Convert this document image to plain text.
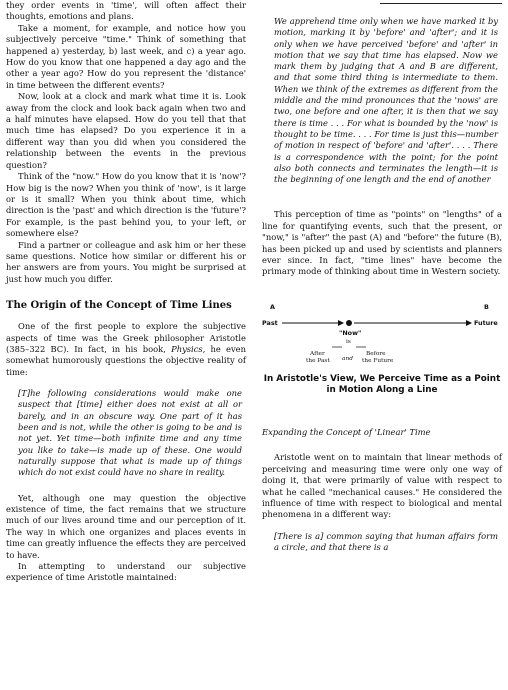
they order events in 'time', will often affect their thoughts, emotions and plans.

Take a moment, for example, and notice how you subjectively perceive "time." Think of something that happened a) yesterday, b) last week, and c) a year ago. How do you know that one happened a day ago and the other a year ago? How do you represent the 'distance' in time between the different events?

Now, look at a clock and mark what time it is. Look away from the clock and look back again when two and a half minutes have elapsed. How do you tell that that much time has elapsed? Do you experience it in a different way than you did when you considered the relationship between the events in the previous question?

Think of the "now." How do you know that it is 'now'? How big is the now? When you think of 'now', is it large or is it small? When you think about time, which direction is the 'past' and which direction is the 'future'? For example, is the past behind you, to your left, or somewhere else?

Find a partner or colleague and ask him or her these same questions. Notice how similar or different his or her answers are from yours. You might be surprised at just how much you differ.

The Origin of the Concept of Time Lines

One of the first people to explore the subjective aspects of time was the Greek philosopher Aristotle (385–322 BC). In fact, in his book, Physics, he even somewhat humorously questions the objective reality of time:

[T]he following considerations would make one suspect that [time] either does not exist at all or barely, and in an obscure way. One part of it has been and is not, while the other is going to be and is not yet. Yet time—both infinite time and any time you like to take—is made up of these. One would naturally suppose that what is made up of things which do not exist could have no share in reality.

Yet, although one may question the objective existence of time, the fact remains that we structure much of our lives around time and our perception of it. The way in which one organizes and places events in time can greatly influence the effects they are perceived to have.

In attempting to understand our subjective experience of time Aristotle maintained:

We apprehend time only when we have marked it by motion, marking it by 'before' and 'after'; and it is only when we have perceived 'before' and 'after' in motion that we say that time has elapsed. Now we mark them by judging that A and B are different, and that some third thing is intermediate to them. When we think of the extremes as different from the middle and the mind pronounces that the 'nows' are two, one before and one after, it is then that we say there is time . . . For what is bounded by the 'now' is thought to be time. . . . For time is just this—number of motion in respect of 'before' and 'after'. . . . There is a correspondence with the point; for the point also both connects and terminates the length—it is the beginning of one length and the end of another

This perception of time as "points" on "lengths" of a line for quantifying events, such that the present, or "now," is "after" the past (A) and "before" the future (B), has been picked up and used by scientists and planners ever since. In fact, "time lines" have become the primary mode of thinking about time in Western society.

A	B
Past	Future
"Now"
is
After
the Past and
Before
the Future

In Aristotle's View, We Perceive Time as a Point in Motion Along a Line

Expanding the Concept of 'Linear' Time

Aristotle went on to maintain that linear methods of perceiving and measuring time were only one way of doing it, that were primarily of value with respect to what he called "mechanical causes." He considered the influence of time with respect to biological and mental phenomena in a different way:

[There is a] common saying that human affairs form a circle, and that there is a
